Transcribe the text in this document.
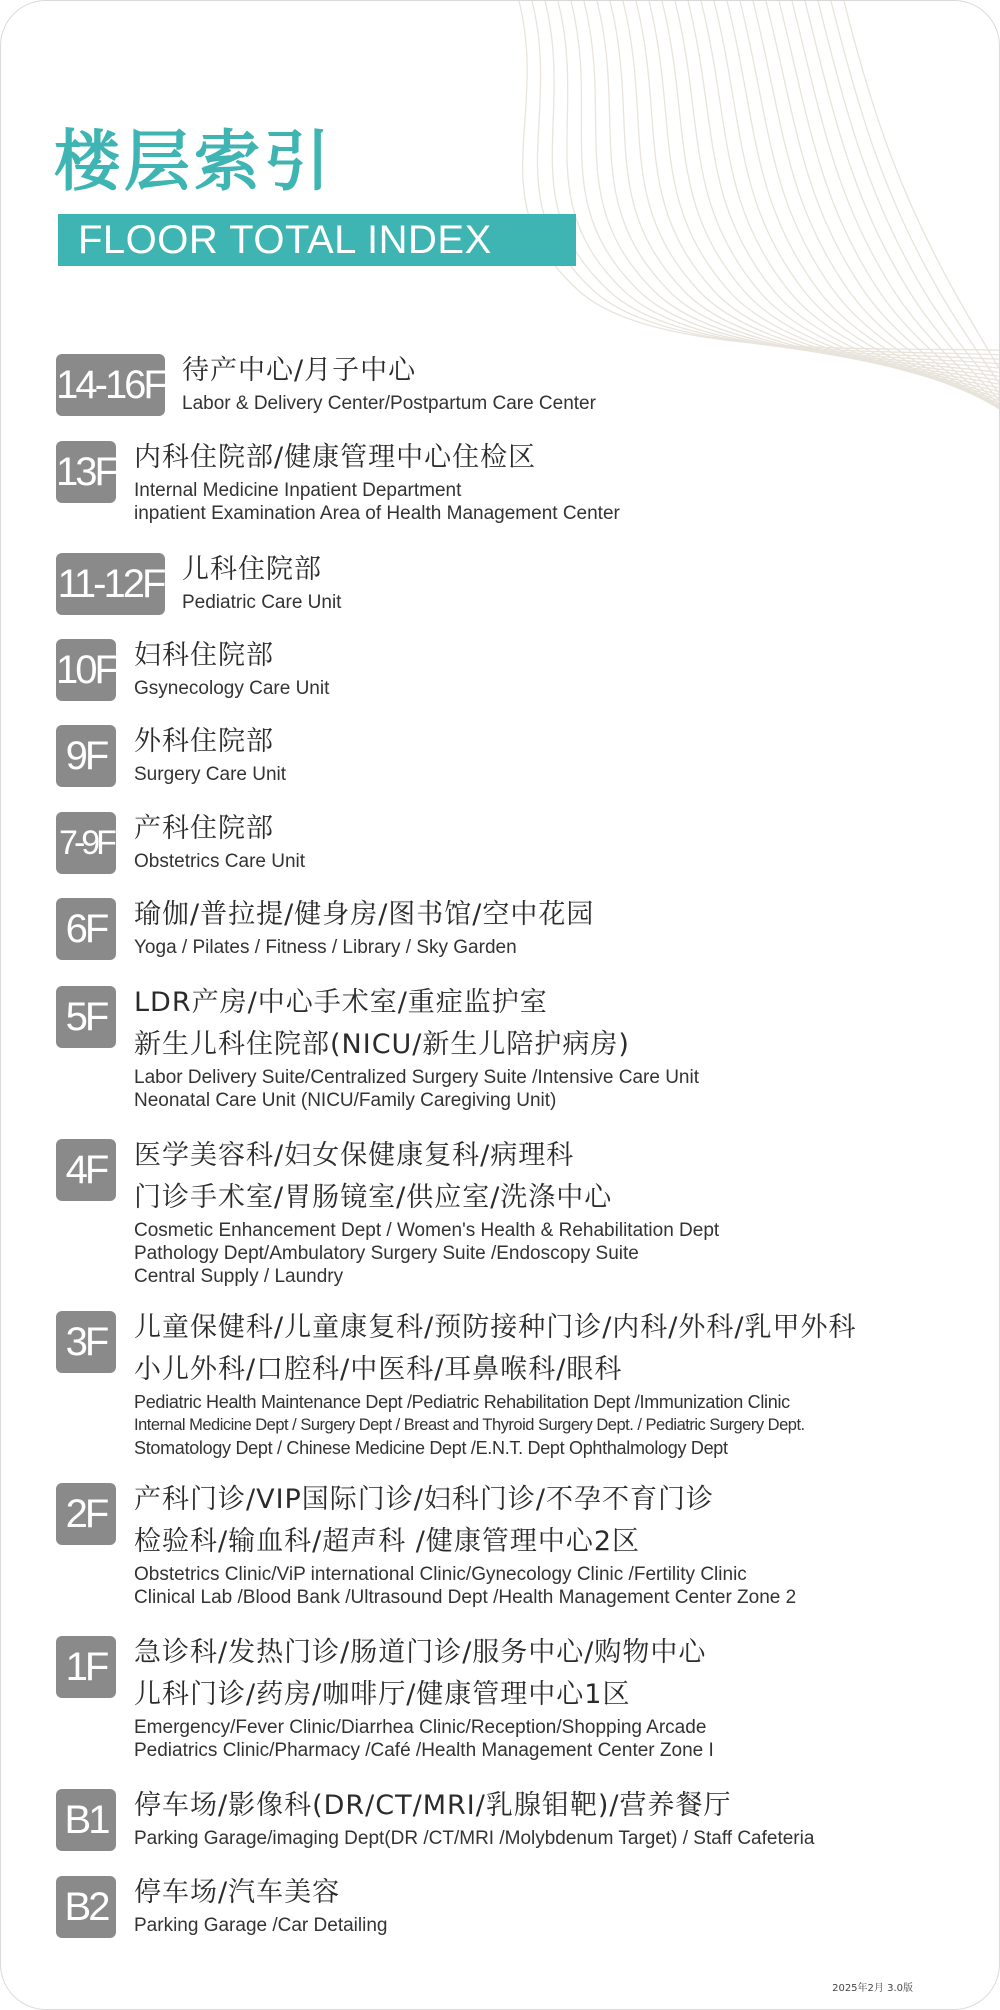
楼层索引
FLOOR TOTAL INDEX
14-16F 待产中心/月子中心
Labor & Delivery Center/Postpartum Care Center
13F 内科住院部/健康管理中心住检区
Internal Medicine Inpatient Department
inpatient Examination Area of Health Management Center
11-12F 儿科住院部
Pediatric Care Unit
10F 妇科住院部
Gsynecology Care Unit
9F	外科住院部
Surgery Care Unit
7-9F 产科住院部
Obstetrics Care Unit
6F	瑜伽/普拉提/健身房/图书馆/空中花园
Yoga / Pilates / Fitness / Library / Sky Garden
5F	LDR产房/中心手术室/重症监护室
新生儿科住院部(NICU/新生儿陪护病房)
Labor Delivery Suite/Centralized Surgery Suite /Intensive Care Unit
Neonatal Care Unit (NICU/Family Caregiving Unit)
4F	医学美容科/妇女保健康复科/病理科
门诊手术室/胃肠镜室/供应室/洗涤中心
Cosmetic Enhancement Dept / Women's Health & Rehabilitation Dept
Pathology Dept/Ambulatory Surgery Suite /Endoscopy Suite
Central Supply / Laundry
3F	儿童保健科/儿童康复科/预防接种门诊/内科/外科/乳甲外科
小儿外科/口腔科/中医科/耳鼻喉科/眼科
Pediatric Health Maintenance Dept /Pediatric Rehabilitation Dept /Immunization Clinic
Internal Medicine Dept / Surgery Dept / Breast and Thyroid Surgery Dept. / Pediatric Surgery Dept.
Stomatology Dept / Chinese Medicine Dept /E.N.T. Dept Ophthalmology Dept
2F	产科门诊/VIP国际门诊/妇科门诊/不孕不育门诊
检验科/输血科/超声科 /健康管理中心2区
Obstetrics Clinic/ViP international Clinic/Gynecology Clinic /Fertility Clinic
Clinical Lab /Blood Bank /Ultrasound Dept /Health Management Center Zone 2
1F	急诊科/发热门诊/肠道门诊/服务中心/购物中心
儿科门诊/药房/咖啡厅/健康管理中心1区
Emergency/Fever Clinic/Diarrhea Clinic/Reception/Shopping Arcade
Pediatrics Clinic/Pharmacy /Café /Health Management Center Zone I
B1 停车场/影像科(DR/CT/MRI/乳腺钼靶)/营养餐厅
Parking Garage/imaging Dept(DR /CT/MRI /Molybdenum Target) / Staff Cafeteria
B2 停车场/汽车美容
Parking Garage /Car Detailing
2025年2月 3.0版
